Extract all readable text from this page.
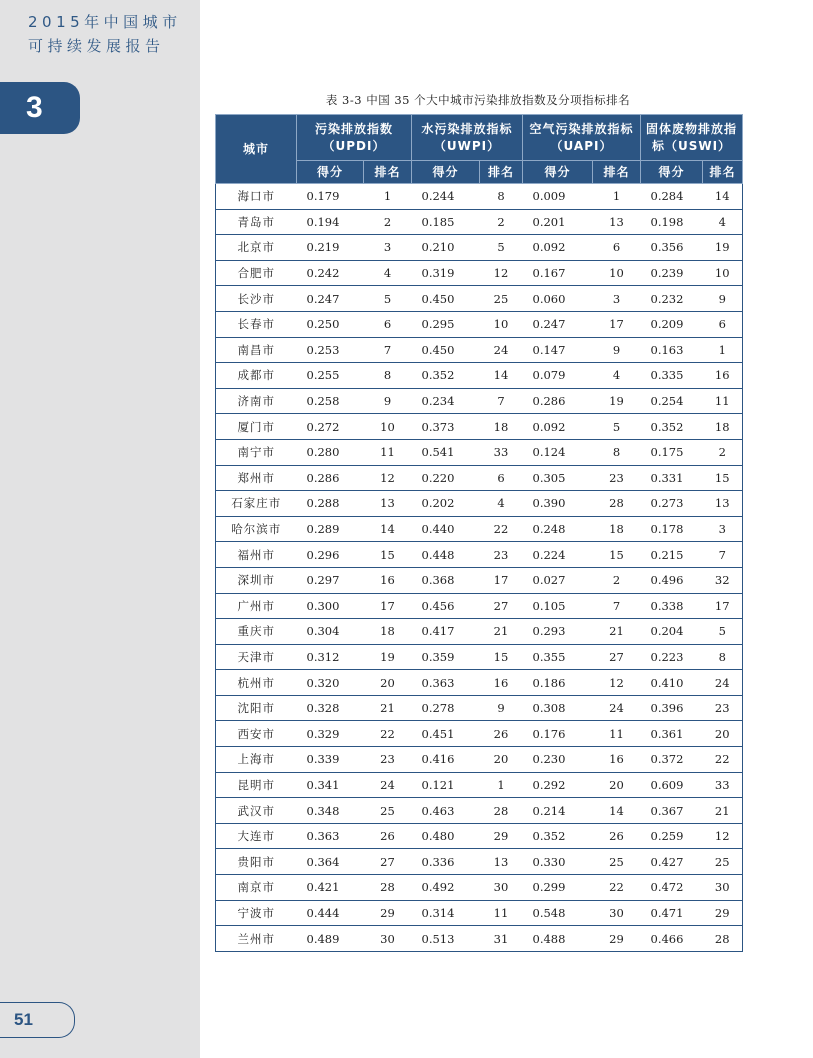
2015年中国城市
可持续发展报告
3
51
表 3-3 中国 35 个大中城市污染排放指数及分项指标排名
城市	污染排放指数（UPDI）		水污染排放指标（UWPI）		空气污染排放指标（UAPI）		固体废物排放指标（USWI）	
	得分	排名	得分	排名	得分	排名	得分	排名
海口市	0.179	1	0.244	8	0.009	1	0.284	14
青岛市	0.194	2	0.185	2	0.201	13	0.198	4
北京市	0.219	3	0.210	5	0.092	6	0.356	19
合肥市	0.242	4	0.319	12	0.167	10	0.239	10
长沙市	0.247	5	0.450	25	0.060	3	0.232	9
长春市	0.250	6	0.295	10	0.247	17	0.209	6
南昌市	0.253	7	0.450	24	0.147	9	0.163	1
成都市	0.255	8	0.352	14	0.079	4	0.335	16
济南市	0.258	9	0.234	7	0.286	19	0.254	11
厦门市	0.272	10	0.373	18	0.092	5	0.352	18
南宁市	0.280	11	0.541	33	0.124	8	0.175	2
郑州市	0.286	12	0.220	6	0.305	23	0.331	15
石家庄市	0.288	13	0.202	4	0.390	28	0.273	13
哈尔滨市	0.289	14	0.440	22	0.248	18	0.178	3
福州市	0.296	15	0.448	23	0.224	15	0.215	7
深圳市	0.297	16	0.368	17	0.027	2	0.496	32
广州市	0.300	17	0.456	27	0.105	7	0.338	17
重庆市	0.304	18	0.417	21	0.293	21	0.204	5
天津市	0.312	19	0.359	15	0.355	27	0.223	8
杭州市	0.320	20	0.363	16	0.186	12	0.410	24
沈阳市	0.328	21	0.278	9	0.308	24	0.396	23
西安市	0.329	22	0.451	26	0.176	11	0.361	20
上海市	0.339	23	0.416	20	0.230	16	0.372	22
昆明市	0.341	24	0.121	1	0.292	20	0.609	33
武汉市	0.348	25	0.463	28	0.214	14	0.367	21
大连市	0.363	26	0.480	29	0.352	26	0.259	12
贵阳市	0.364	27	0.336	13	0.330	25	0.427	25
南京市	0.421	28	0.492	30	0.299	22	0.472	30
宁波市	0.444	29	0.314	11	0.548	30	0.471	29
兰州市	0.489	30	0.513	31	0.488	29	0.466	28
